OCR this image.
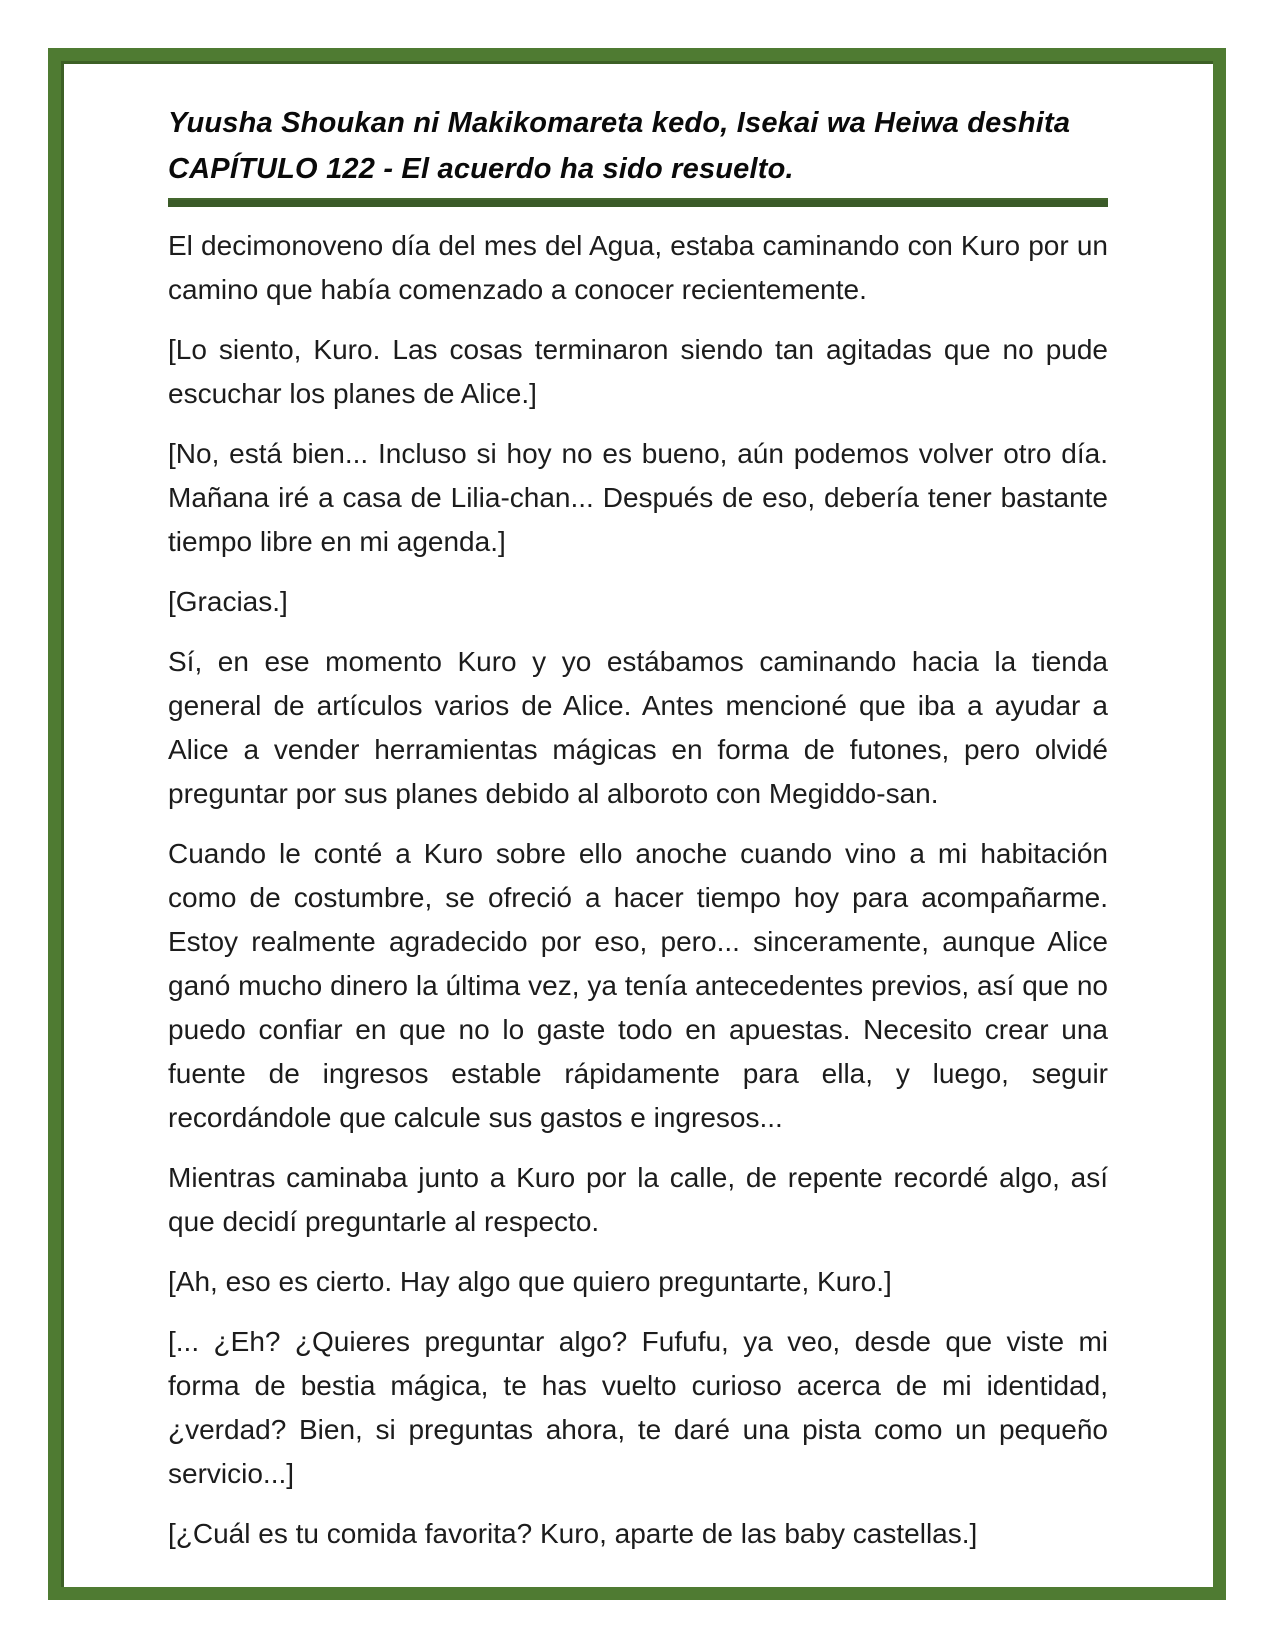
Yuusha Shoukan ni Makikomareta kedo, Isekai wa Heiwa deshita
CAPÍTULO 122 - El acuerdo ha sido resuelto.

El decimonoveno día del mes del Agua, estaba caminando con Kuro por un camino que había comenzado a conocer recientemente.

[Lo siento, Kuro. Las cosas terminaron siendo tan agitadas que no pude escuchar los planes de Alice.]

[No, está bien... Incluso si hoy no es bueno, aún podemos volver otro día. Mañana iré a casa de Lilia-chan... Después de eso, debería tener bastante tiempo libre en mi agenda.]

[Gracias.]

Sí, en ese momento Kuro y yo estábamos caminando hacia la tienda general de artículos varios de Alice. Antes mencioné que iba a ayudar a Alice a vender herramientas mágicas en forma de futones, pero olvidé preguntar por sus planes debido al alboroto con Megiddo-san.

Cuando le conté a Kuro sobre ello anoche cuando vino a mi habitación como de costumbre, se ofreció a hacer tiempo hoy para acompañarme. Estoy realmente agradecido por eso, pero... sinceramente, aunque Alice ganó mucho dinero la última vez, ya tenía antecedentes previos, así que no puedo confiar en que no lo gaste todo en apuestas. Necesito crear una fuente de ingresos estable rápidamente para ella, y luego, seguir recordándole que calcule sus gastos e ingresos...

Mientras caminaba junto a Kuro por la calle, de repente recordé algo, así que decidí preguntarle al respecto.

[Ah, eso es cierto. Hay algo que quiero preguntarte, Kuro.]

[... ¿Eh? ¿Quieres preguntar algo? Fufufu, ya veo, desde que viste mi forma de bestia mágica, te has vuelto curioso acerca de mi identidad, ¿verdad? Bien, si preguntas ahora, te daré una pista como un pequeño servicio...]

[¿Cuál es tu comida favorita? Kuro, aparte de las baby castellas.]
